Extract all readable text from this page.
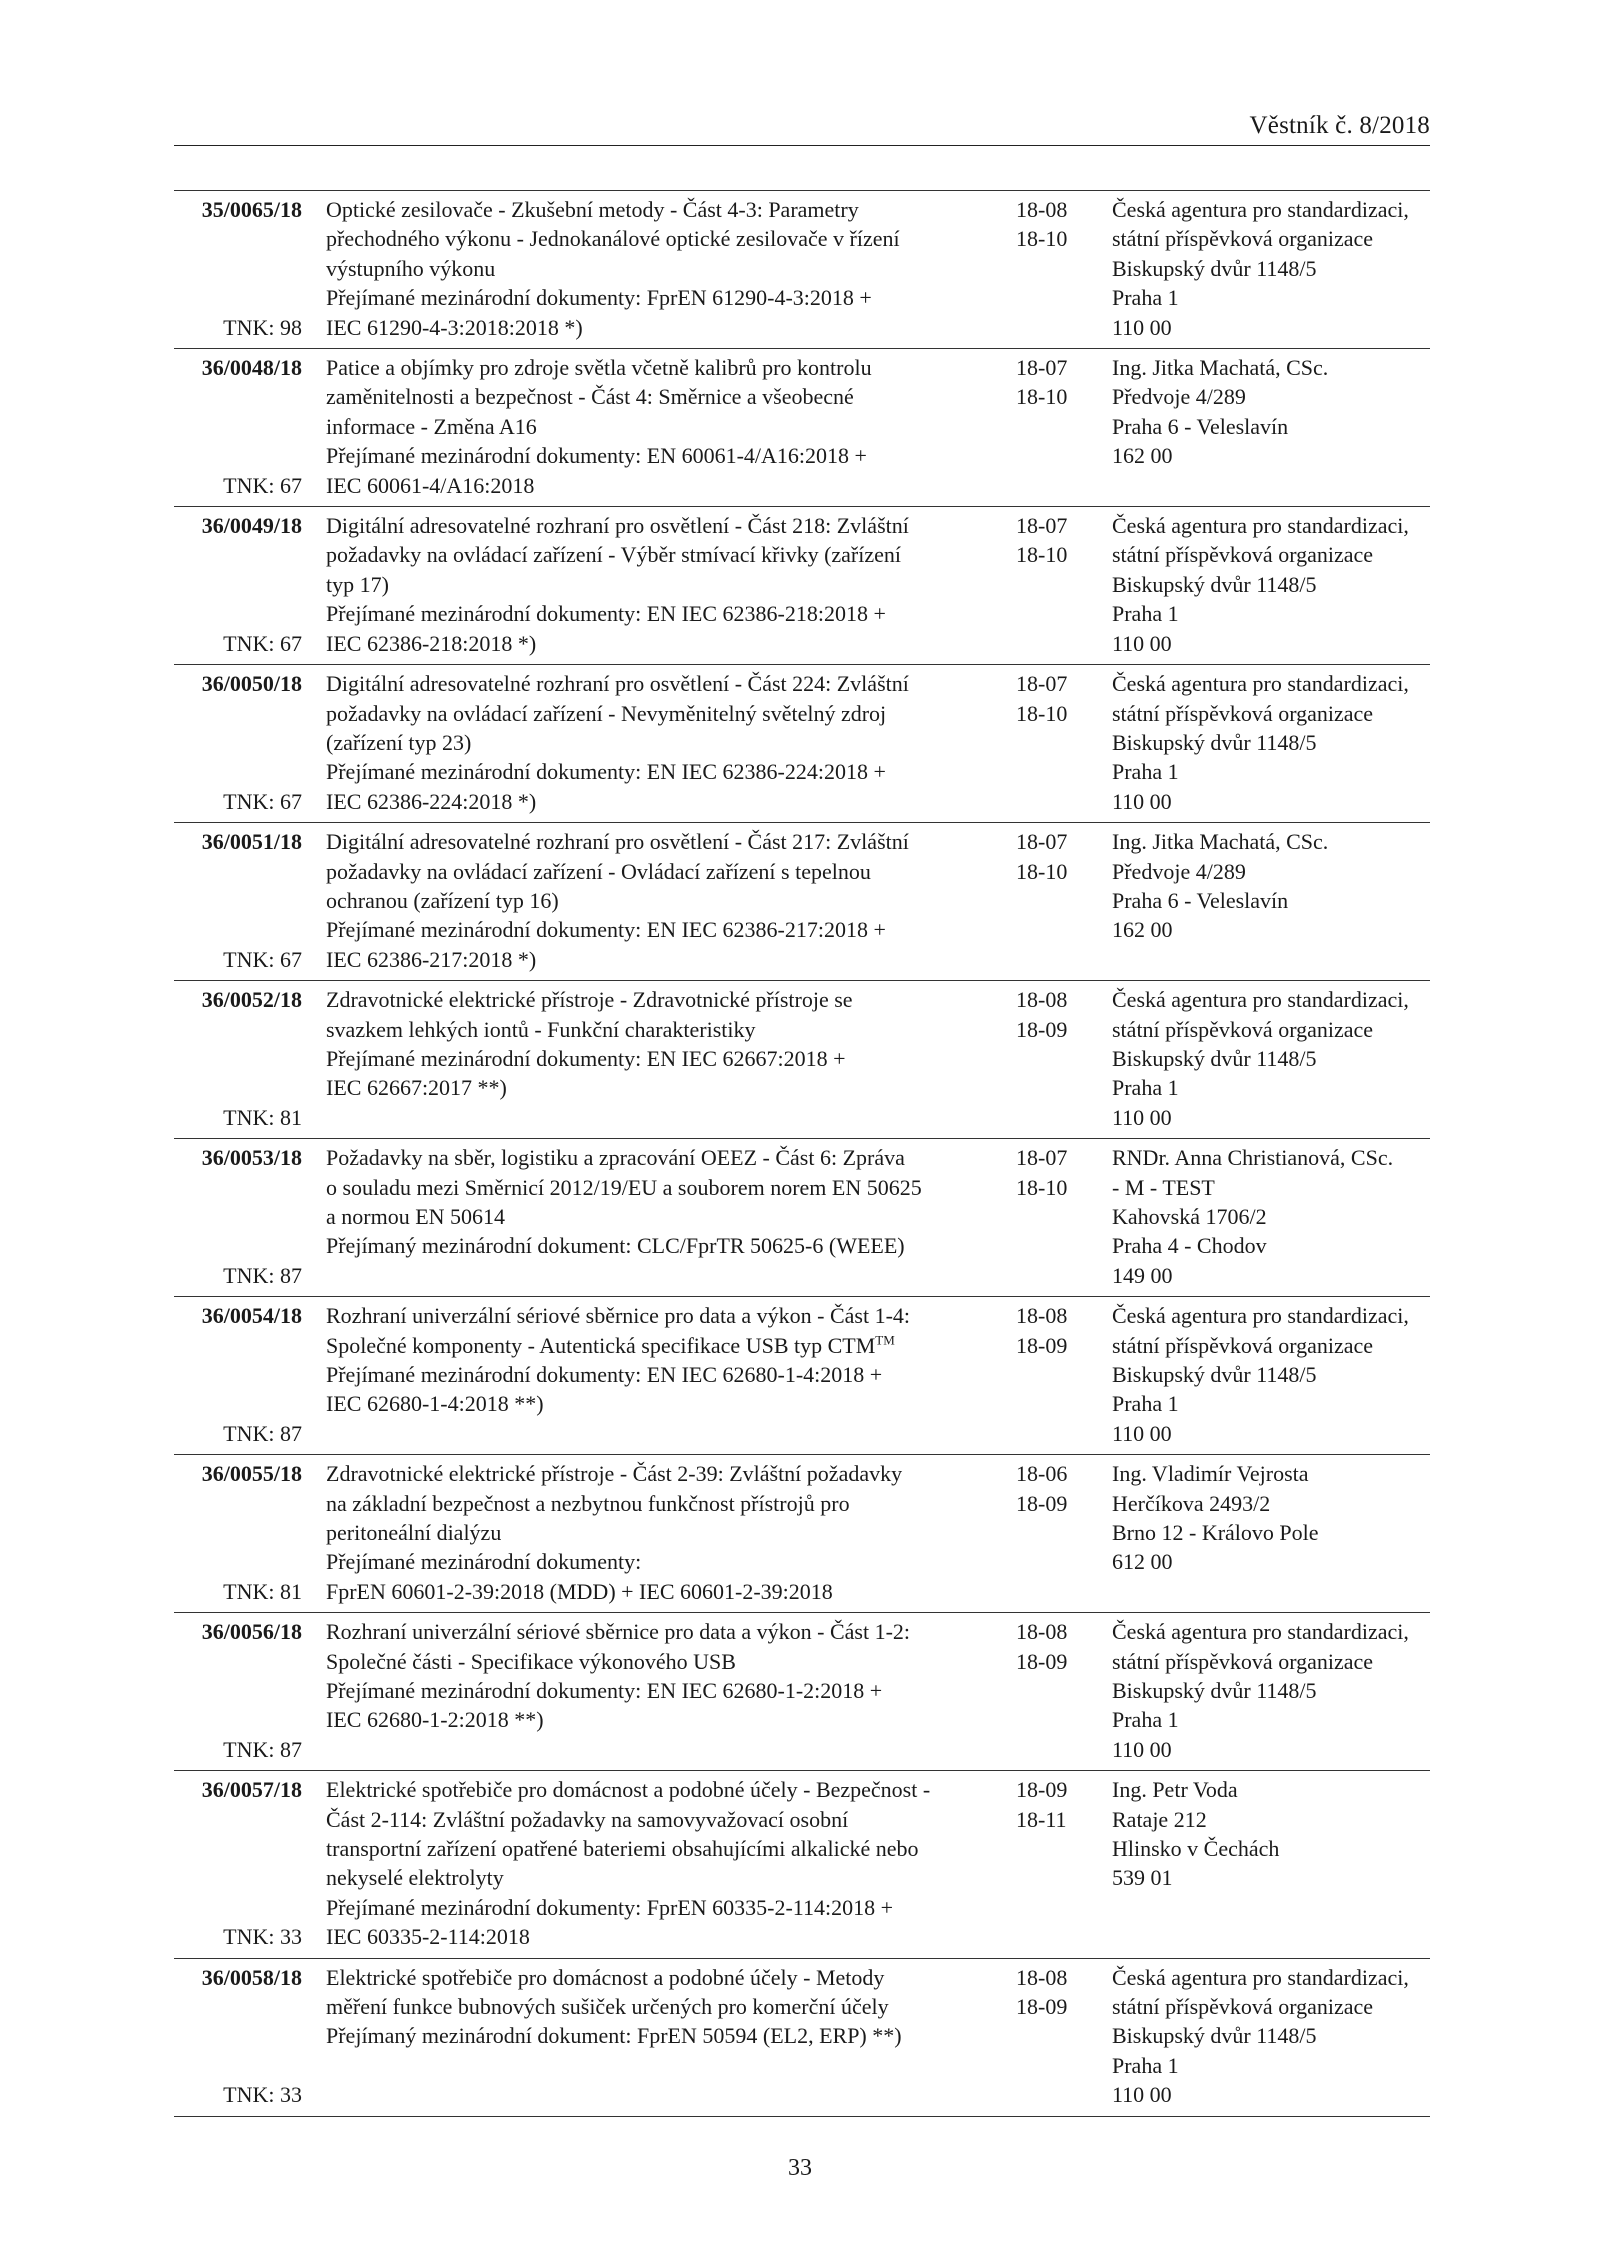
Věstník č. 8/2018
35/0065/18
TNK: 98
Optické zesilovače - Zkušební metody - Část 4-3: Parametry
přechodného výkonu - Jednokanálové optické zesilovače v řízení
výstupního výkonu
Přejímané mezinárodní dokumenty: FprEN 61290-4-3:2018 +
IEC 61290-4-3:2018:2018 *)
18-08
18-10
Česká agentura pro standardizaci,
státní příspěvková organizace
Biskupský dvůr 1148/5
Praha 1
110 00
36/0048/18
TNK: 67
Patice a objímky pro zdroje světla včetně kalibrů pro kontrolu
zaměnitelnosti a bezpečnost - Část 4: Směrnice a všeobecné
informace - Změna A16
Přejímané mezinárodní dokumenty: EN 60061-4/A16:2018 +
IEC 60061-4/A16:2018
18-07
18-10
Ing. Jitka Machatá, CSc.
Předvoje 4/289
Praha 6 - Veleslavín
162 00
36/0049/18
TNK: 67
Digitální adresovatelné rozhraní pro osvětlení - Část 218: Zvláštní
požadavky na ovládací zařízení - Výběr stmívací křivky (zařízení
typ 17)
Přejímané mezinárodní dokumenty: EN IEC 62386-218:2018 +
IEC 62386-218:2018 *)
18-07
18-10
Česká agentura pro standardizaci,
státní příspěvková organizace
Biskupský dvůr 1148/5
Praha 1
110 00
36/0050/18
TNK: 67
Digitální adresovatelné rozhraní pro osvětlení - Část 224: Zvláštní
požadavky na ovládací zařízení - Nevyměnitelný světelný zdroj
(zařízení typ 23)
Přejímané mezinárodní dokumenty: EN IEC 62386-224:2018 +
IEC 62386-224:2018 *)
18-07
18-10
Česká agentura pro standardizaci,
státní příspěvková organizace
Biskupský dvůr 1148/5
Praha 1
110 00
36/0051/18
TNK: 67
Digitální adresovatelné rozhraní pro osvětlení - Část 217: Zvláštní
požadavky na ovládací zařízení - Ovládací zařízení s tepelnou
ochranou (zařízení typ 16)
Přejímané mezinárodní dokumenty: EN IEC 62386-217:2018 +
IEC 62386-217:2018 *)
18-07
18-10
Ing. Jitka Machatá, CSc.
Předvoje 4/289
Praha 6 - Veleslavín
162 00
36/0052/18
TNK: 81
Zdravotnické elektrické přístroje - Zdravotnické přístroje se
svazkem lehkých iontů - Funkční charakteristiky
Přejímané mezinárodní dokumenty: EN IEC 62667:2018 +
IEC 62667:2017 **)
18-08
18-09
Česká agentura pro standardizaci,
státní příspěvková organizace
Biskupský dvůr 1148/5
Praha 1
110 00
36/0053/18
TNK: 87
Požadavky na sběr, logistiku a zpracování OEEZ - Část 6: Zpráva
o souladu mezi Směrnicí 2012/19/EU a souborem norem EN 50625
a normou EN 50614
Přejímaný mezinárodní dokument: CLC/FprTR 50625-6 (WEEE)
18-07
18-10
RNDr. Anna Christianová, CSc.
- M - TEST
Kahovská 1706/2
Praha 4 - Chodov
149 00
36/0054/18
TNK: 87
Rozhraní univerzální sériové sběrnice pro data a výkon - Část 1-4:
Společné komponenty - Autentická specifikace USB typ CTM™
Přejímané mezinárodní dokumenty: EN IEC 62680-1-4:2018 +
IEC 62680-1-4:2018 **)
18-08
18-09
Česká agentura pro standardizaci,
státní příspěvková organizace
Biskupský dvůr 1148/5
Praha 1
110 00
36/0055/18
TNK: 81
Zdravotnické elektrické přístroje - Část 2-39: Zvláštní požadavky
na základní bezpečnost a nezbytnou funkčnost přístrojů pro
peritoneální dialýzu
Přejímané mezinárodní dokumenty:
FprEN 60601-2-39:2018 (MDD) + IEC 60601-2-39:2018
18-06
18-09
Ing. Vladimír Vejrosta
Herčíkova 2493/2
Brno 12 - Královo Pole
612 00
36/0056/18
TNK: 87
Rozhraní univerzální sériové sběrnice pro data a výkon - Část 1-2:
Společné části - Specifikace výkonového USB
Přejímané mezinárodní dokumenty: EN IEC 62680-1-2:2018 +
IEC 62680-1-2:2018 **)
18-08
18-09
Česká agentura pro standardizaci,
státní příspěvková organizace
Biskupský dvůr 1148/5
Praha 1
110 00
36/0057/18
TNK: 33
Elektrické spotřebiče pro domácnost a podobné účely - Bezpečnost -
Část 2-114: Zvláštní požadavky na samovyvažovací osobní
transportní zařízení opatřené bateriemi obsahujícími alkalické nebo
nekyselé elektrolyty
Přejímané mezinárodní dokumenty: FprEN 60335-2-114:2018 +
IEC 60335-2-114:2018
18-09
18-11
Ing. Petr Voda
Rataje 212
Hlinsko v Čechách
539 01
36/0058/18
TNK: 33
Elektrické spotřebiče pro domácnost a podobné účely - Metody
měření funkce bubnových sušiček určených pro komerční účely
Přejímaný mezinárodní dokument: FprEN 50594 (EL2, ERP) **)
18-08
18-09
Česká agentura pro standardizaci,
státní příspěvková organizace
Biskupský dvůr 1148/5
Praha 1
110 00
33
